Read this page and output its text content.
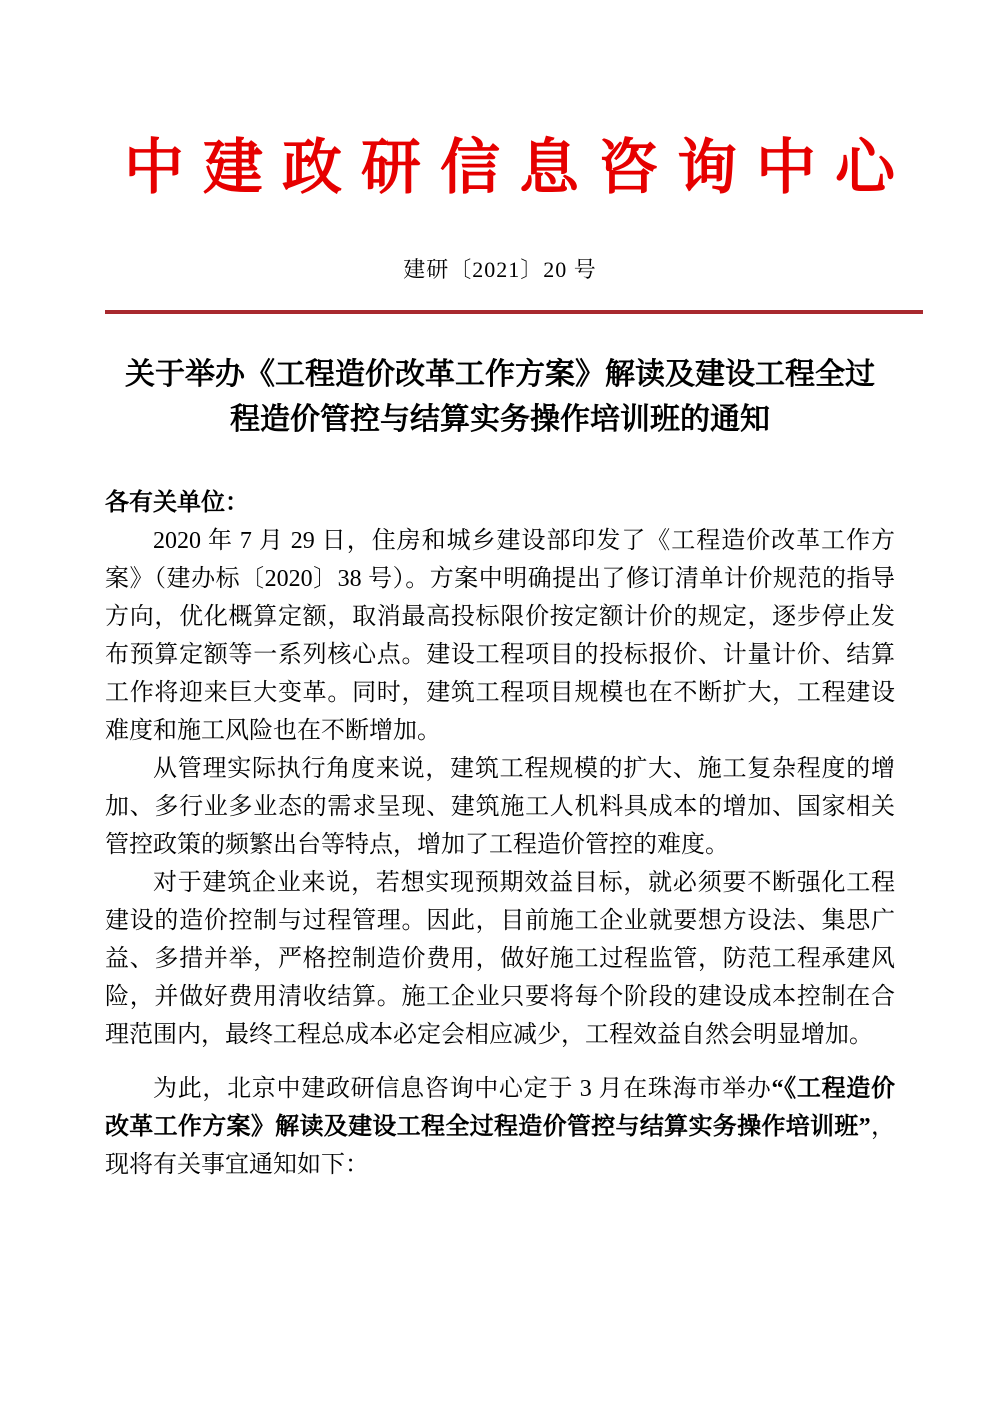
中建政研信息咨询中心
建研〔2021〕20 号
关于举办《工程造价改革工作方案》解读及建设工程全过程造价管控与结算实务操作培训班的通知
各有关单位：

2020 年 7 月 29 日，住房和城乡建设部印发了《工程造价改革工作方案》（建办标〔2020〕38 号）。方案中明确提出了修订清单计价规范的指导方向，优化概算定额，取消最高投标限价按定额计价的规定，逐步停止发布预算定额等一系列核心点。建设工程项目的投标报价、计量计价、结算工作将迎来巨大变革。同时，建筑工程项目规模也在不断扩大，工程建设难度和施工风险也在不断增加。

从管理实际执行角度来说，建筑工程规模的扩大、施工复杂程度的增加、多行业多业态的需求呈现、建筑施工人机料具成本的增加、国家相关管控政策的频繁出台等特点，增加了工程造价管控的难度。

对于建筑企业来说，若想实现预期效益目标，就必须要不断强化工程建设的造价控制与过程管理。因此，目前施工企业就要想方设法、集思广益、多措并举，严格控制造价费用，做好施工过程监管，防范工程承建风险，并做好费用清收结算。施工企业只要将每个阶段的建设成本控制在合理范围内，最终工程总成本必定会相应减少，工程效益自然会明显增加。

为此，北京中建政研信息咨询中心定于 3 月在珠海市举办“《工程造价改革工作方案》解读及建设工程全过程造价管控与结算实务操作培训班”，现将有关事宜通知如下：
